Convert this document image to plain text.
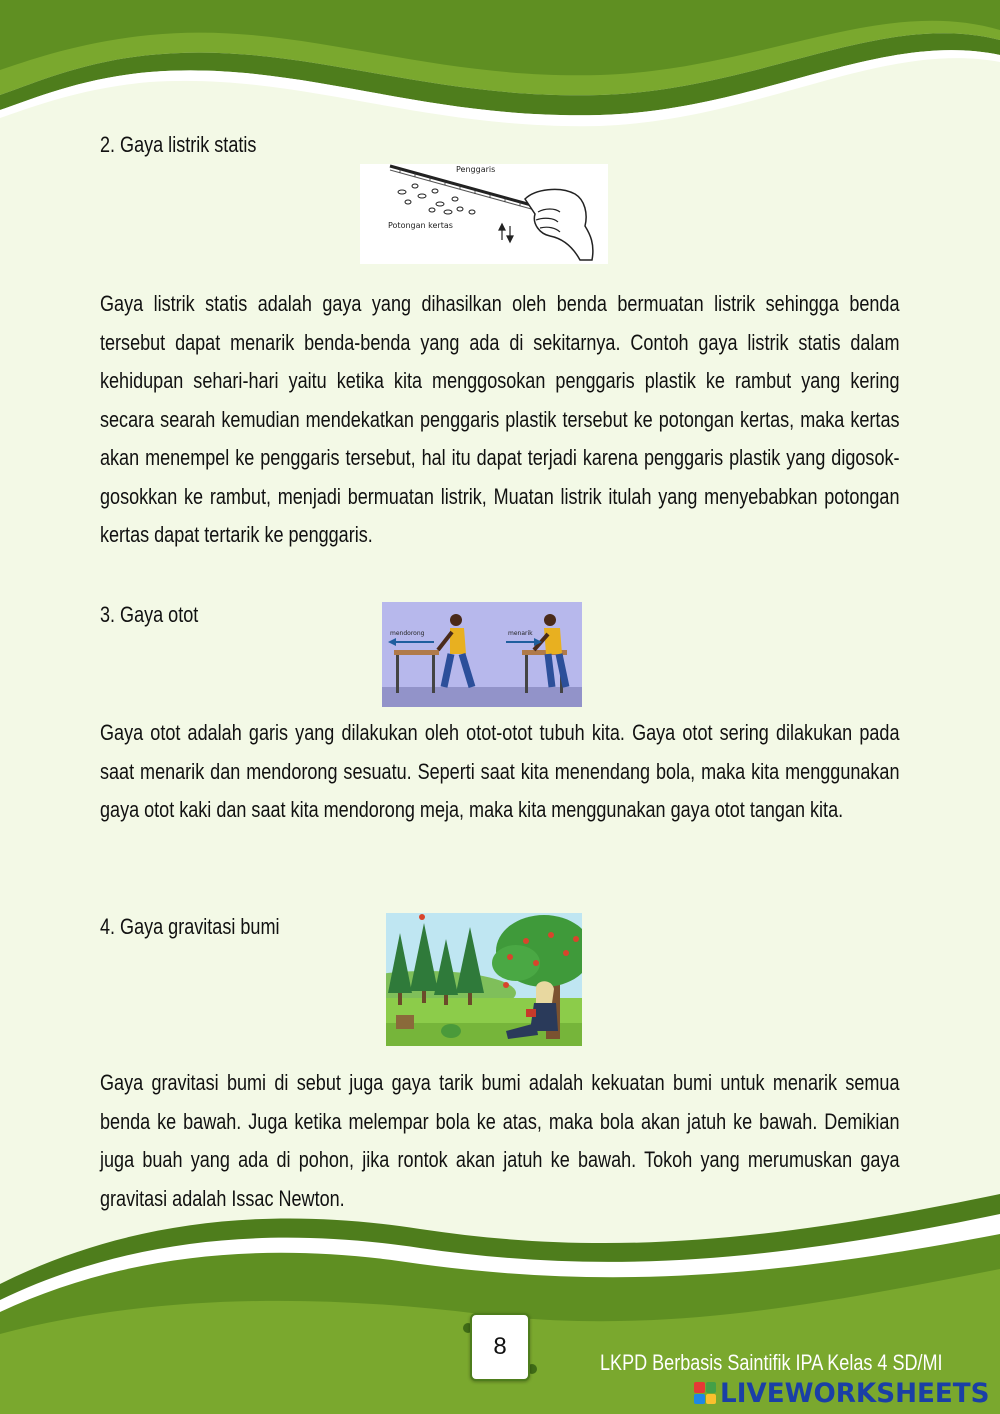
2. Gaya listrik statis
Penggaris
Potongan kertas

Gaya listrik statis adalah gaya yang dihasilkan oleh benda bermuatan listrik sehingga benda tersebut dapat menarik benda-benda yang ada di sekitarnya. Contoh gaya listrik statis dalam kehidupan sehari-hari yaitu ketika kita menggosokan penggaris plastik ke rambut yang kering secara searah kemudian mendekatkan penggaris plastik tersebut ke potongan kertas, maka kertas akan menempel ke penggaris tersebut, hal itu dapat terjadi karena penggaris plastik yang digosok-gosokkan ke rambut, menjadi bermuatan listrik, Muatan listrik itulah yang menyebabkan potongan kertas dapat tertarik ke penggaris.

3. Gaya otot
mendorong	menarik

Gaya otot adalah garis yang dilakukan oleh otot-otot tubuh kita. Gaya otot sering dilakukan pada saat menarik dan mendorong sesuatu. Seperti saat kita menendang bola, maka kita menggunakan gaya otot kaki dan saat kita mendorong meja, maka kita menggunakan gaya otot tangan kita.

4. Gaya gravitasi bumi

Gaya gravitasi bumi di sebut juga gaya tarik bumi adalah kekuatan bumi untuk menarik semua benda ke bawah. Juga ketika melempar bola ke atas, maka bola akan jatuh ke bawah. Demikian juga buah yang ada di pohon, jika rontok akan jatuh ke bawah. Tokoh yang merumuskan gaya gravitasi adalah Issac Newton.

8
LKPD Berbasis Saintifik IPA Kelas 4 SD/MI
LIVEWORKSHEETS
